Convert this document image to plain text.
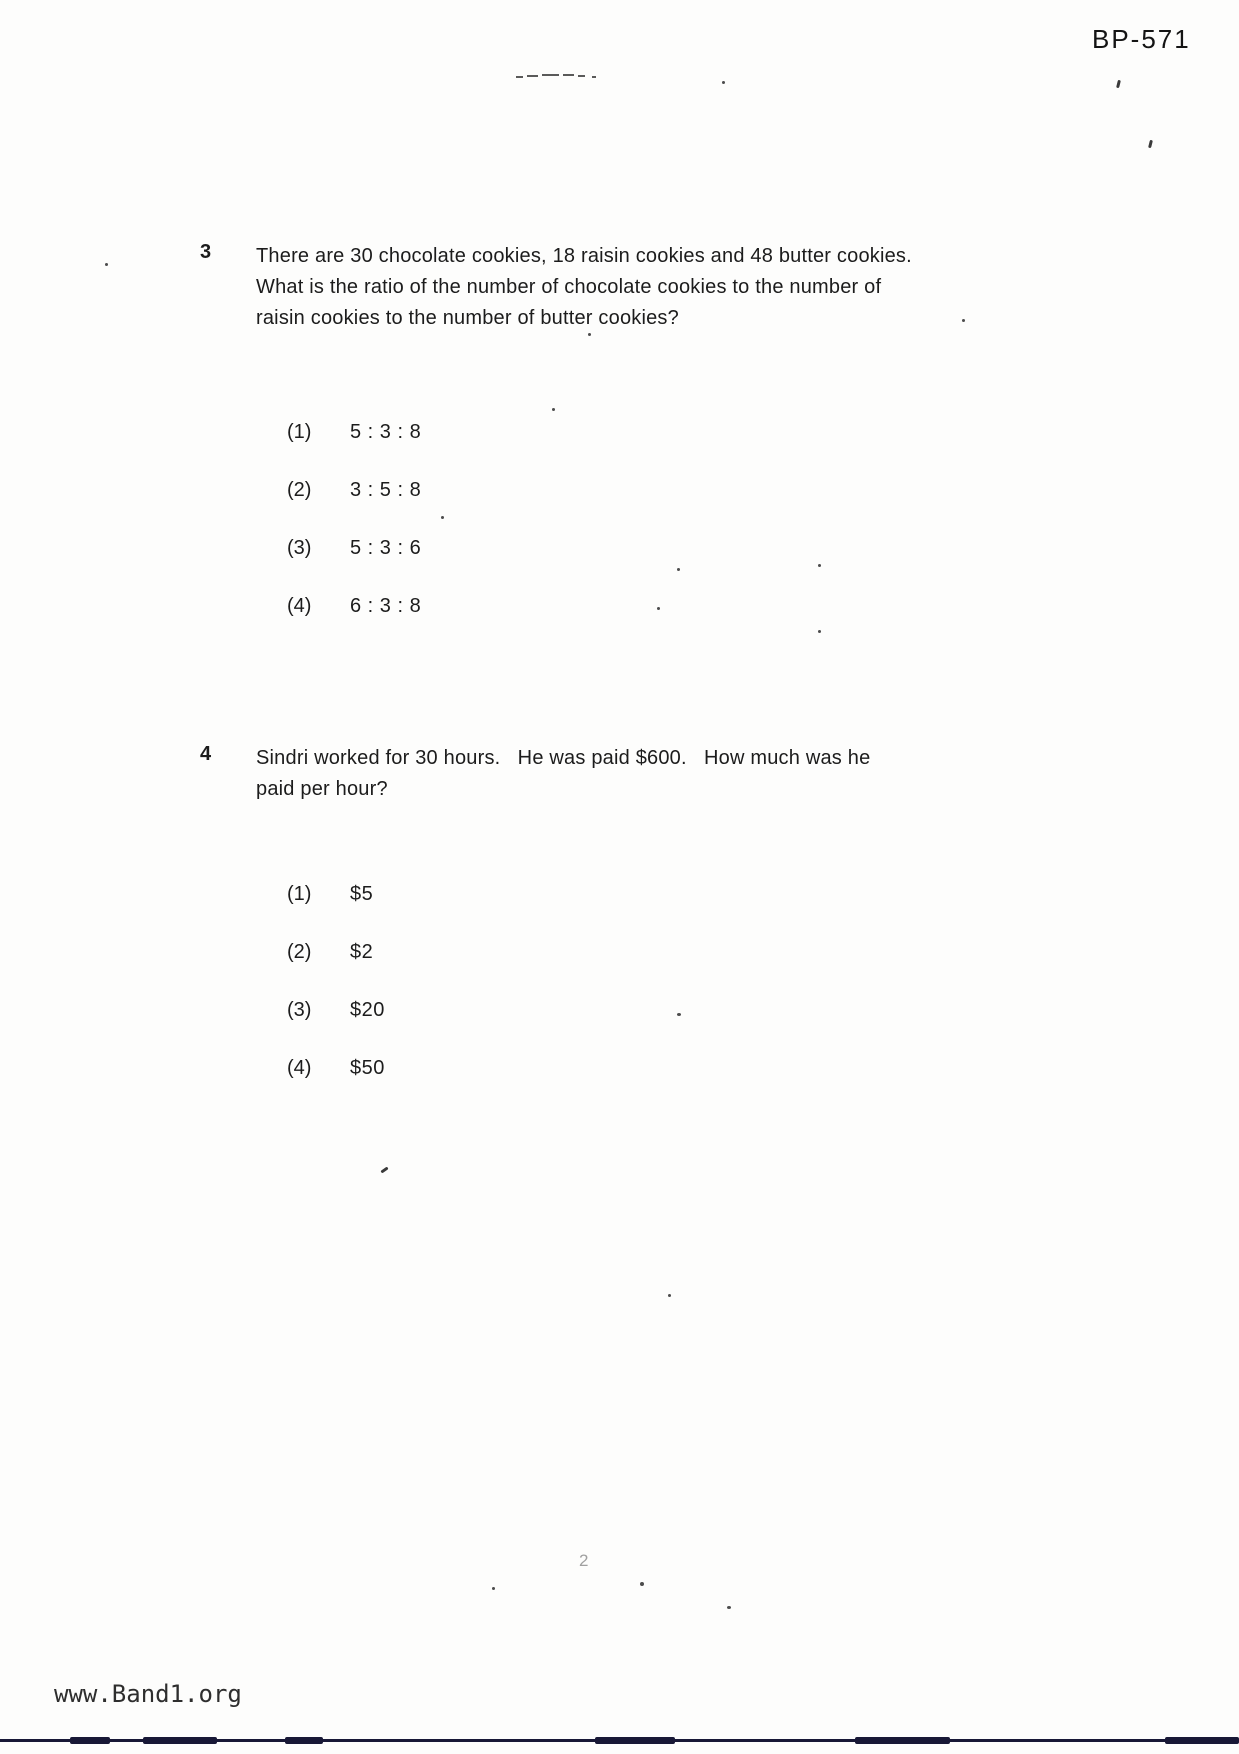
BP-571
3	There are 30 chocolate cookies, 18 raisin cookies and 48 butter cookies.
What is the ratio of the number of chocolate cookies to the number of
raisin cookies to the number of butter cookies?
(1)	5 : 3 : 8
(2)	3 : 5 : 8
(3)	5 : 3 : 6
(4)	6 : 3 : 8
4	Sindri worked for 30 hours.   He was paid $600.   How much was he
paid per hour?
(1)	$5
(2)	$2
(3)	$20
(4)	$50
2
www.Band1.org
